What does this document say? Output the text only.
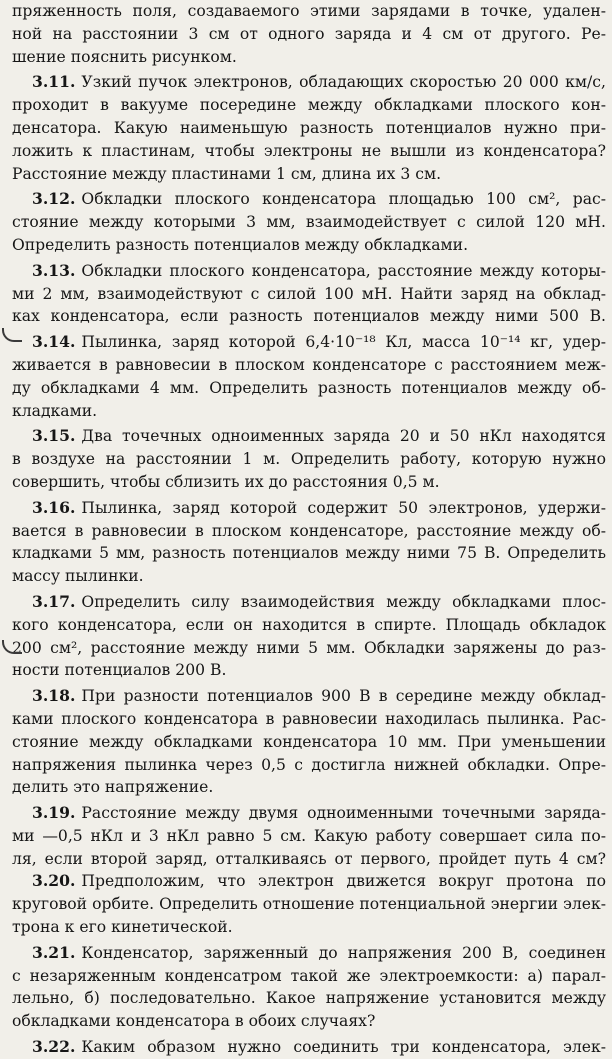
пряженность поля, создаваемого этими зарядами в точке, удален-
ной на расстоянии 3 см от одного заряда и 4 см от другого. Ре-
шение пояснить рисунком.

3.11. Узкий пучок электронов, обладающих скоростью 20 000 км/с,
проходит в вакууме посередине между обкладками плоского кон-
денсатора. Какую наименьшую разность потенциалов нужно при-
ложить к пластинам, чтобы электроны не вышли из конденсатора?
Расстояние между пластинами 1 см, длина их 3 см.

3.12. Обкладки плоского конденсатора площадью 100 см², рас-
стояние между которыми 3 мм, взаимодействует с силой 120 мН.
Определить разность потенциалов между обкладками.

3.13. Обкладки плоского конденсатора, расстояние между которы-
ми 2 мм, взаимодействуют с силой 100 мН. Найти заряд на обклад-
ках конденсатора, если разность потенциалов между ними 500 В.

3.14. Пылинка, заряд которой 6,4·10⁻¹⁸ Кл, масса 10⁻¹⁴ кг, удер-
живается в равновесии в плоском конденсаторе с расстоянием меж-
ду обкладками 4 мм. Определить разность потенциалов между об-
кладками.

3.15. Два точечных одноименных заряда 20 и 50 нКл находятся
в воздухе на расстоянии 1 м. Определить работу, которую нужно
совершить, чтобы сблизить их до расстояния 0,5 м.

3.16. Пылинка, заряд которой содержит 50 электронов, удержи-
вается в равновесии в плоском конденсаторе, расстояние между об-
кладками 5 мм, разность потенциалов между ними 75 В. Определить
массу пылинки.

3.17. Определить силу взаимодействия между обкладками плос-
кого конденсатора, если он находится в спирте. Площадь обкладок
200 см², расстояние между ними 5 мм. Обкладки заряжены до раз-
ности потенциалов 200 В.

3.18. При разности потенциалов 900 В в середине между обклад-
ками плоского конденсатора в равновесии находилась пылинка. Рас-
стояние между обкладками конденсатора 10 мм. При уменьшении
напряжения пылинка через 0,5 с достигла нижней обкладки. Опре-
делить это напряжение.

3.19. Расстояние между двумя одноименными точечными заряда-
ми —0,5 нКл и 3 нКл равно 5 см. Какую работу совершает сила по-
ля, если второй заряд, отталкиваясь от первого, пройдет путь 4 см?

3.20. Предположим, что электрон движется вокруг протона по
круговой орбите. Определить отношение потенциальной энергии элек-
трона к его кинетической.

3.21. Конденсатор, заряженный до напряжения 200 В, соединен
с незаряженным конденсатром такой же электроемкости: а) парал-
лельно, б) последовательно. Какое напряжение установится между
обкладками конденсатора в обоих случаях?

3.22. Каким образом нужно соединить три конденсатора, элек-
